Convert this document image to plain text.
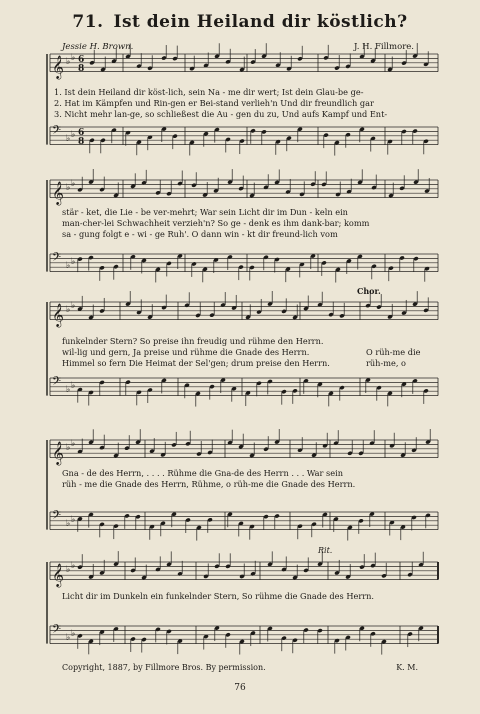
71. Ist dein Heiland dir köstlich?
Jessie H. Brown.	J. H. Fillmore.
𝄞 ♭ ♭ 6
8
𝄢 ♭ ♭ 6
8
𝄞 ♭ ♭
𝄢 ♭ ♭
𝄞 ♭ ♭
𝄢 ♭ ♭
𝄞 ♭ ♭
𝄢 ♭ ♭
𝄞 ♭ ♭
𝄢 ♭ ♭
1. Ist dein Heiland dir köst-lich, sein Na - me dir wert; Ist dein Glau-be ge-
2. Hat im Kämpfen und Rin-gen er Bei-stand verlieh'n Und dir freundlich gar
3. Nicht mehr lan-ge, so schließest die Au - gen du zu, Und aufs Kampf und Ent-
stär - ket, die Lie - be ver-mehrt; War sein Licht dir im Dun - keln ein
man-cher-lei Schwachheit verzieh'n? So ge - denk es ihm dank-bar; komm
sa - gung folgt e - wi - ge Ruh'. O dann win - kt dir freund-lich vom
funkelnder Stern? So preise ihn freudig und rühme den Herrn.
wil-lig und gern, Ja preise und rühme die Gnade des Herrn.
Himmel so fern Die Heimat der Sel'gen; drum preise den Herrn.
O rüh-me die
rüh-me, o
Gna - de des Herrn, . . . . Rühme die Gna-de des Herrn . . . War sein
rüh - me die Gnade des Herrn, Rühme, o rüh-me die Gnade des Herrn.
Licht dir im Dunkeln ein funkelnder Stern, So rühme die Gnade des Herrn.
Chor.
Rit.
Copyright, 1887, by Fillmore Bros. By permission.	K. M.
76
